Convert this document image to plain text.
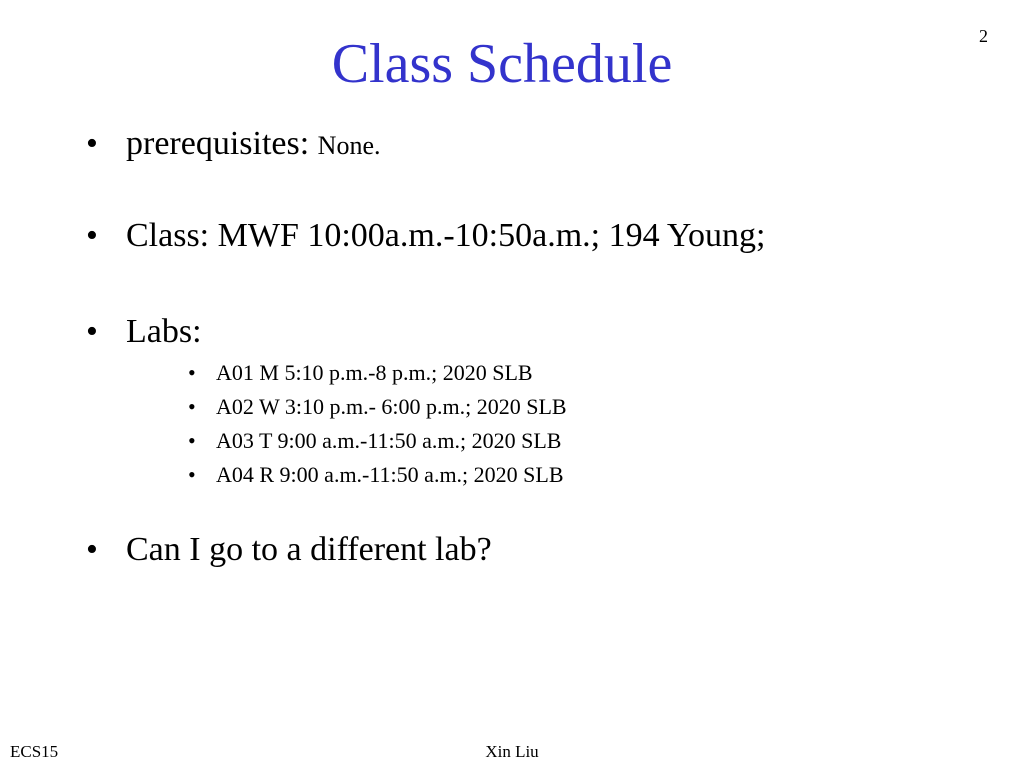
2
Class Schedule
• prerequisites: None.
• Class: MWF 10:00a.m.-10:50a.m.; 194 Young;
• Labs:
• A01 M 5:10 p.m.-8 p.m.; 2020 SLB
• A02 W 3:10 p.m.- 6:00 p.m.; 2020 SLB
• A03 T 9:00 a.m.-11:50 a.m.; 2020 SLB
• A04 R 9:00 a.m.-11:50 a.m.; 2020 SLB
• Can I go to a different lab?
ECS15	Xin Liu
